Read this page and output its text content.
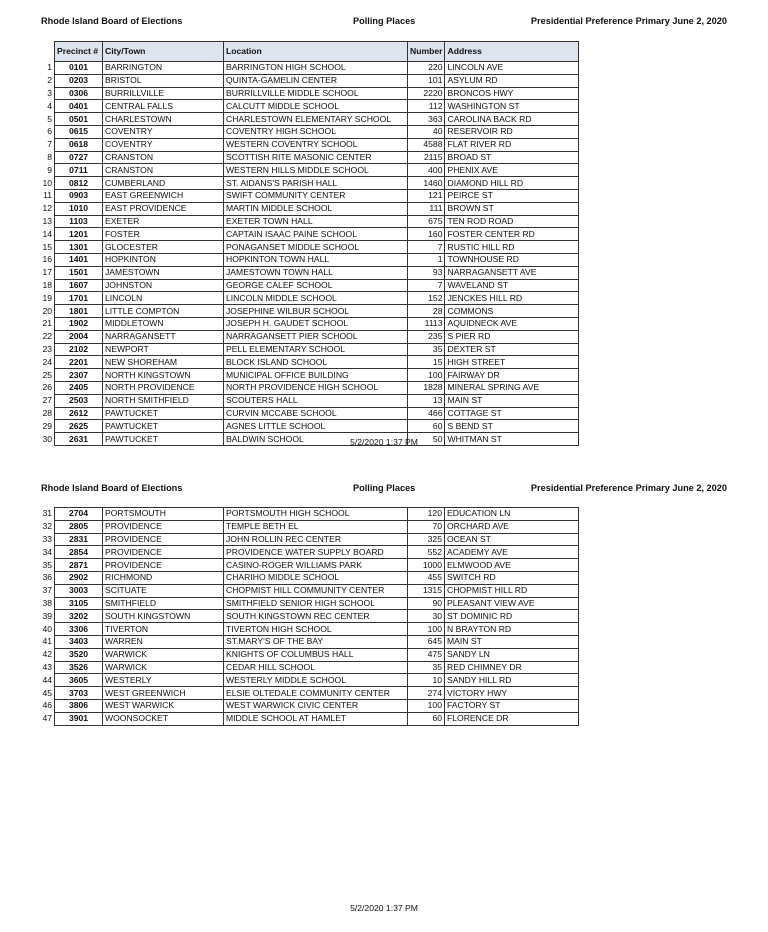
Rhode Island Board of Elections	Polling Places	Presidential Preference Primary June 2, 2020
	Precinct #	City/Town	Location	Number	Address
1	0101	BARRINGTON	BARRINGTON HIGH SCHOOL	220	LINCOLN AVE
2	0203	BRISTOL	QUINTA-GAMELIN CENTER	101	ASYLUM RD
3	0306	BURRILLVILLE	BURRILLVILLE MIDDLE SCHOOL	2220	BRONCOS HWY
4	0401	CENTRAL FALLS	CALCUTT MIDDLE SCHOOL	112	WASHINGTON ST
5	0501	CHARLESTOWN	CHARLESTOWN ELEMENTARY SCHOOL	363	CAROLINA BACK RD
6	0615	COVENTRY	COVENTRY HIGH SCHOOL	40	RESERVOIR RD
7	0618	COVENTRY	WESTERN COVENTRY SCHOOL	4588	FLAT RIVER RD
8	0727	CRANSTON	SCOTTISH RITE MASONIC CENTER	2115	BROAD ST
9	0711	CRANSTON	WESTERN HILLS MIDDLE SCHOOL	400	PHENIX AVE
10	0812	CUMBERLAND	ST. AIDANS'S PARISH HALL	1460	DIAMOND HILL RD
11	0903	EAST GREENWICH	SWIFT COMMUNITY CENTER	121	PEIRCE ST
12	1010	EAST PROVIDENCE	MARTIN MIDDLE SCHOOL	111	BROWN ST
13	1103	EXETER	EXETER TOWN HALL	675	TEN ROD ROAD
14	1201	FOSTER	CAPTAIN ISAAC PAINE SCHOOL	160	FOSTER CENTER RD
15	1301	GLOCESTER	PONAGANSET MIDDLE SCHOOL	7	RUSTIC HILL RD
16	1401	HOPKINTON	HOPKINTON TOWN HALL	1	TOWNHOUSE RD
17	1501	JAMESTOWN	JAMESTOWN TOWN HALL	93	NARRAGANSETT AVE
18	1607	JOHNSTON	GEORGE CALEF SCHOOL	7	WAVELAND ST
19	1701	LINCOLN	LINCOLN MIDDLE SCHOOL	152	JENCKES HILL RD
20	1801	LITTLE COMPTON	JOSEPHINE WILBUR SCHOOL	28	COMMONS
21	1902	MIDDLETOWN	JOSEPH H. GAUDET SCHOOL	1113	AQUIDNECK AVE
22	2004	NARRAGANSETT	NARRAGANSETT PIER SCHOOL	235	S PIER RD
23	2102	NEWPORT	PELL ELEMENTARY SCHOOL	35	DEXTER ST
24	2201	NEW SHOREHAM	BLOCK ISLAND SCHOOL	15	HIGH STREET
25	2307	NORTH KINGSTOWN	MUNICIPAL OFFICE BUILDING	100	FAIRWAY DR
26	2405	NORTH PROVIDENCE	NORTH PROVIDENCE HIGH SCHOOL	1828	MINERAL SPRING AVE
27	2503	NORTH SMITHFIELD	SCOUTERS HALL	13	MAIN ST
28	2612	PAWTUCKET	CURVIN MCCABE SCHOOL	466	COTTAGE ST
29	2625	PAWTUCKET	AGNES LITTLE SCHOOL	60	S BEND ST
30	2631	PAWTUCKET	BALDWIN SCHOOL	50	WHITMAN ST
5/2/2020 1:37 PM
Rhode Island Board of Elections	Polling Places	Presidential Preference Primary June 2, 2020
31	2704	PORTSMOUTH	PORTSMOUTH HIGH SCHOOL	120	EDUCATION LN
32	2805	PROVIDENCE	TEMPLE BETH EL	70	ORCHARD AVE
33	2831	PROVIDENCE	JOHN ROLLIN REC CENTER	325	OCEAN ST
34	2854	PROVIDENCE	PROVIDENCE WATER SUPPLY BOARD	552	ACADEMY AVE
35	2871	PROVIDENCE	CASINO-ROGER WILLIAMS PARK	1000	ELMWOOD AVE
36	2902	RICHMOND	CHARIHO MIDDLE SCHOOL	455	SWITCH RD
37	3003	SCITUATE	CHOPMIST HILL COMMUNITY CENTER	1315	CHOPMIST HILL RD
38	3105	SMITHFIELD	SMITHFIELD SENIOR HIGH SCHOOL	90	PLEASANT VIEW AVE
39	3202	SOUTH KINGSTOWN	SOUTH KINGSTOWN REC CENTER	30	ST DOMINIC RD
40	3306	TIVERTON	TIVERTON HIGH SCHOOL	100	N BRAYTON RD
41	3403	WARREN	ST.MARY'S OF THE BAY	645	MAIN ST
42	3520	WARWICK	KNIGHTS OF COLUMBUS HALL	475	SANDY LN
43	3526	WARWICK	CEDAR HILL SCHOOL	35	RED CHIMNEY DR
44	3605	WESTERLY	WESTERLY MIDDLE SCHOOL	10	SANDY HILL RD
45	3703	WEST GREENWICH	ELSIE OLTEDALE COMMUNITY CENTER	274	VICTORY HWY
46	3806	WEST WARWICK	WEST WARWICK CIVIC CENTER	100	FACTORY ST
47	3901	WOONSOCKET	MIDDLE SCHOOL AT HAMLET	60	FLORENCE DR
5/2/2020 1:37 PM
